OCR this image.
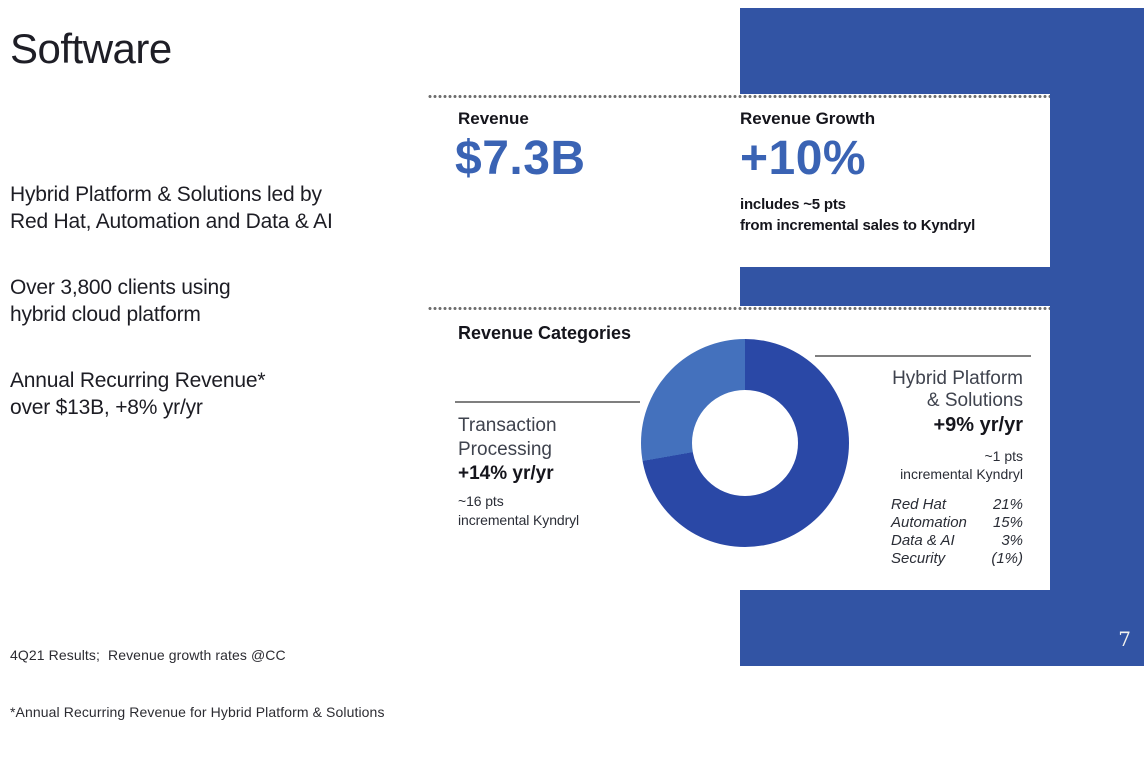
Software
Hybrid Platform & Solutions led by
Red Hat, Automation and Data & AI
Over 3,800 clients using
hybrid cloud platform
Annual Recurring Revenue*
over $13B, +8% yr/yr
Revenue
$7.3B
Revenue Growth
+10%
includes ~5 pts
from incremental sales to Kyndryl
Revenue Categories
Transaction
Processing
+14% yr/yr
~16 pts
incremental Kyndryl
Hybrid Platform
& Solutions
+9% yr/yr
~1 pts
incremental Kyndryl
Red Hat	21%
Automation 15%
Data & AI	3%
Security	(1%)

4Q21 Results;  Revenue growth rates @CC

*Annual Recurring Revenue for Hybrid Platform & Solutions

7
